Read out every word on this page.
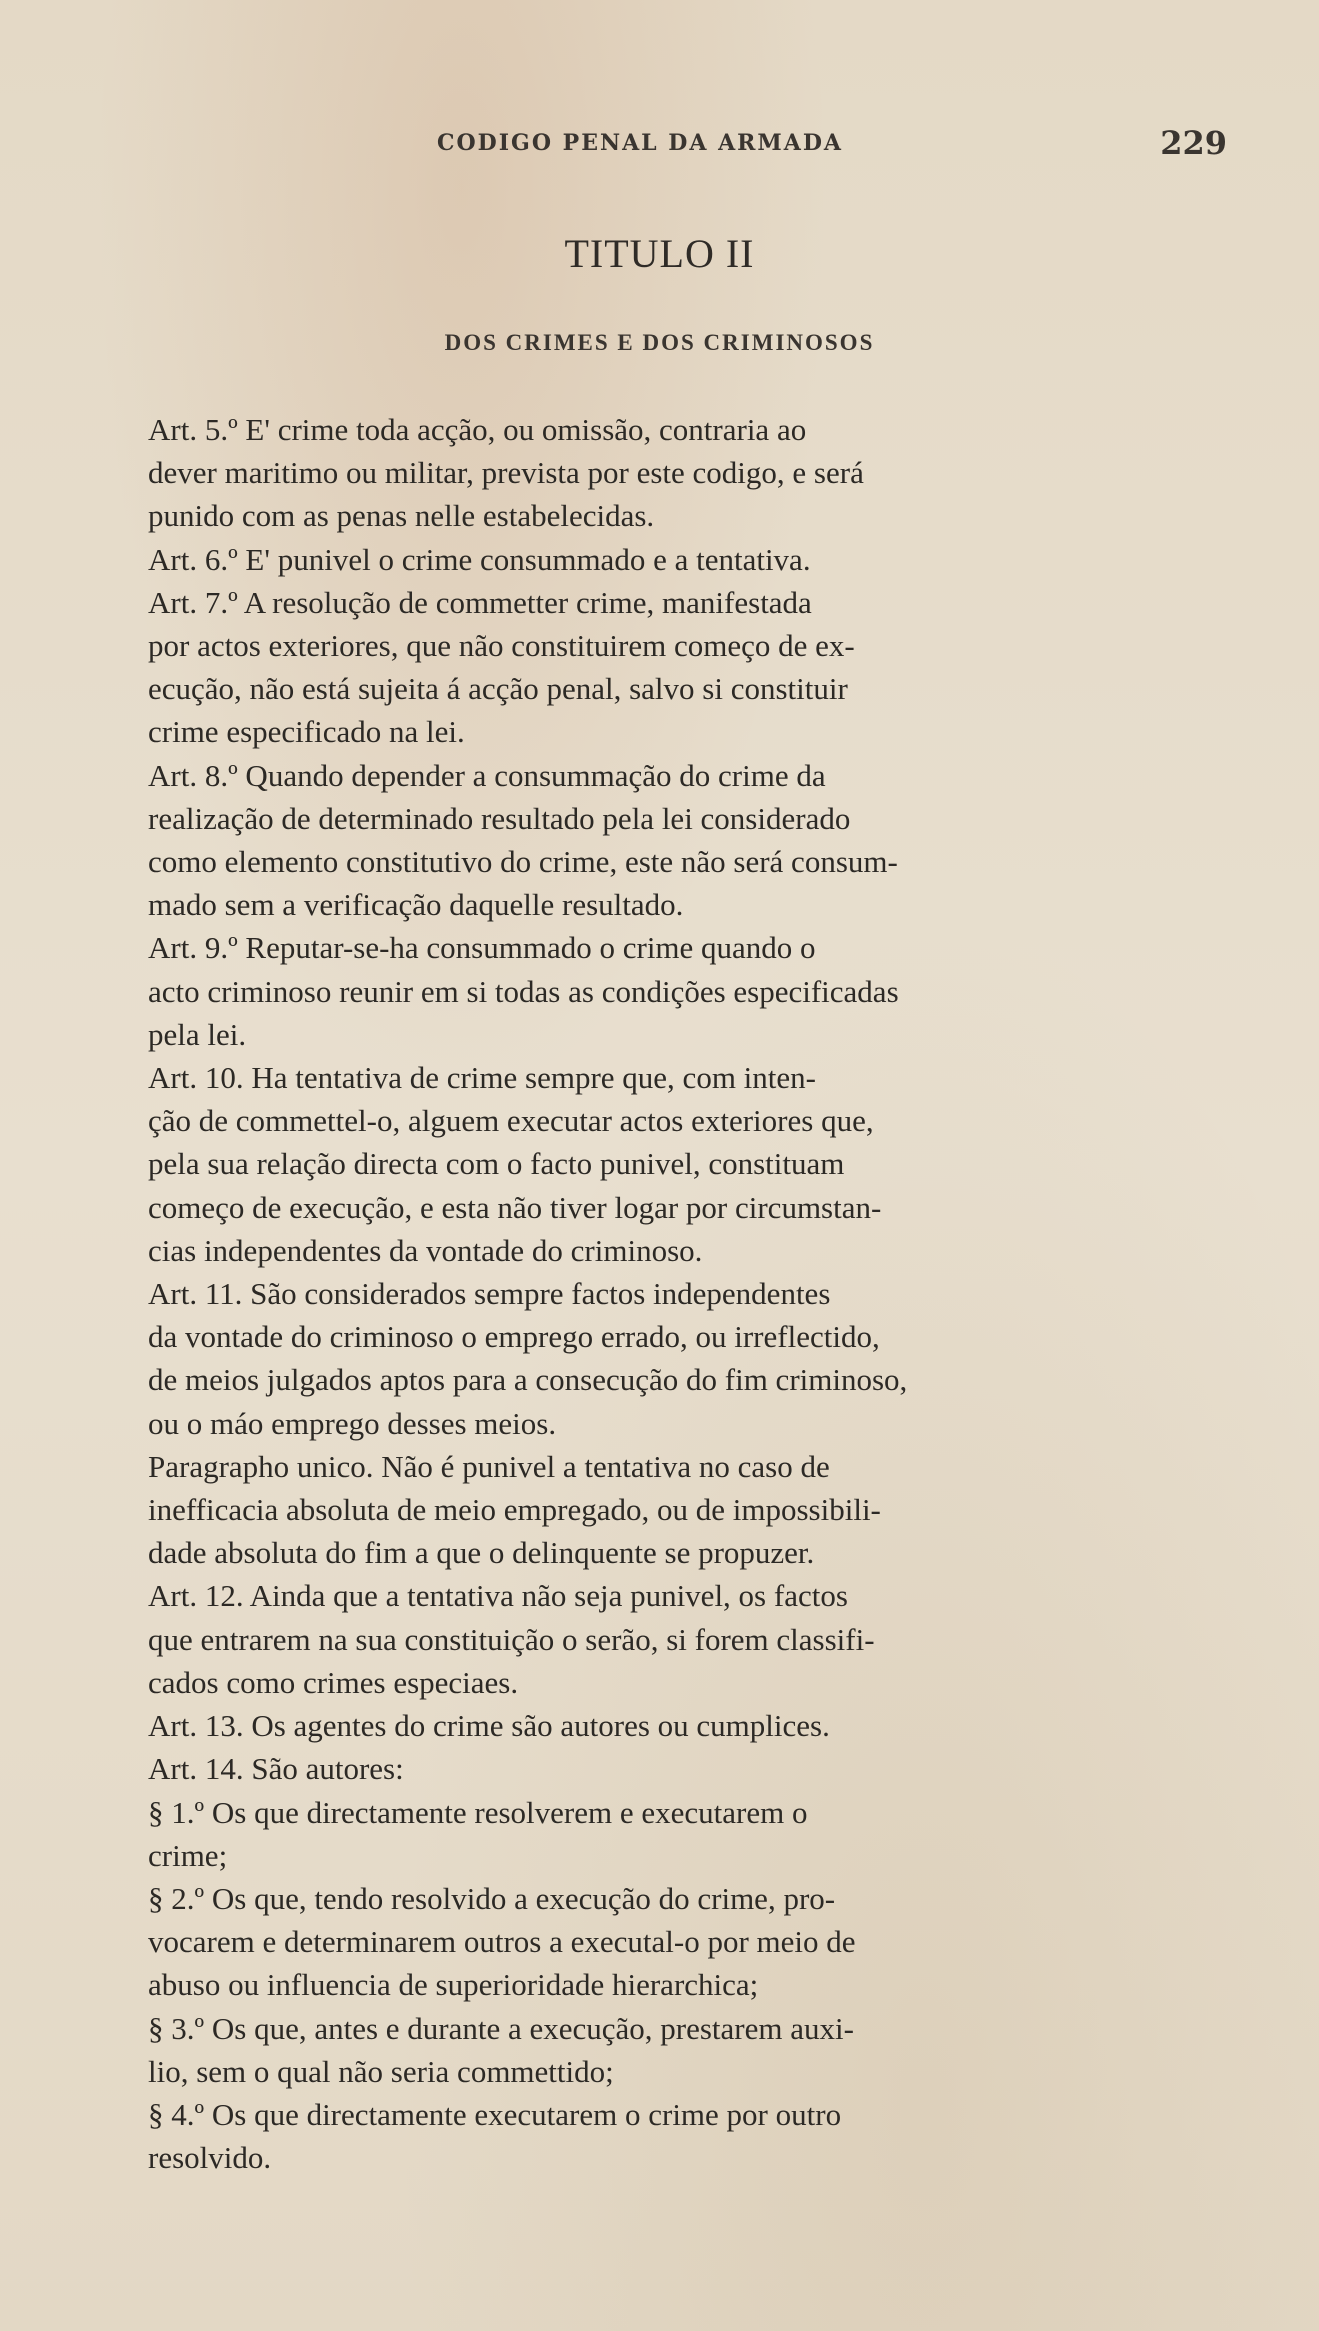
CODIGO PENAL DA ARMADA	229
TITULO II
DOS CRIMES E DOS CRIMINOSOS

Art. 5.º E' crime toda acção, ou omissão, contraria ao
dever maritimo ou militar, prevista por este codigo, e será
punido com as penas nelle estabelecidas.

Art. 6.º E' punivel o crime consummado e a tentativa.

Art. 7.º A resolução de commetter crime, manifestada
por actos exteriores, que não constituirem começo de ex-
ecução, não está sujeita á acção penal, salvo si constituir
crime especificado na lei.

Art. 8.º Quando depender a consummação do crime da
realização de determinado resultado pela lei considerado
como elemento constitutivo do crime, este não será consum-
mado sem a verificação daquelle resultado.

Art. 9.º Reputar-se-ha consummado o crime quando o
acto criminoso reunir em si todas as condições especificadas
pela lei.

Art. 10. Ha tentativa de crime sempre que, com inten-
ção de commettel-o, alguem executar actos exteriores que,
pela sua relação directa com o facto punivel, constituam
começo de execução, e esta não tiver logar por circumstan-
cias independentes da vontade do criminoso.

Art. 11. São considerados sempre factos independentes
da vontade do criminoso o emprego errado, ou irreflectido,
de meios julgados aptos para a consecução do fim criminoso,
ou o máo emprego desses meios.

Paragrapho unico. Não é punivel a tentativa no caso de
inefficacia absoluta de meio empregado, ou de impossibili-
dade absoluta do fim a que o delinquente se propuzer.

Art. 12. Ainda que a tentativa não seja punivel, os factos
que entrarem na sua constituição o serão, si forem classifi-
cados como crimes especiaes.

Art. 13. Os agentes do crime são autores ou cumplices.

Art. 14. São autores:

§ 1.º Os que directamente resolverem e executarem o
crime;

§ 2.º Os que, tendo resolvido a execução do crime, pro-
vocarem e determinarem outros a executal-o por meio de
abuso ou influencia de superioridade hierarchica;

§ 3.º Os que, antes e durante a execução, prestarem auxi-
lio, sem o qual não seria commettido;

§ 4.º Os que directamente executarem o crime por outro
resolvido.
